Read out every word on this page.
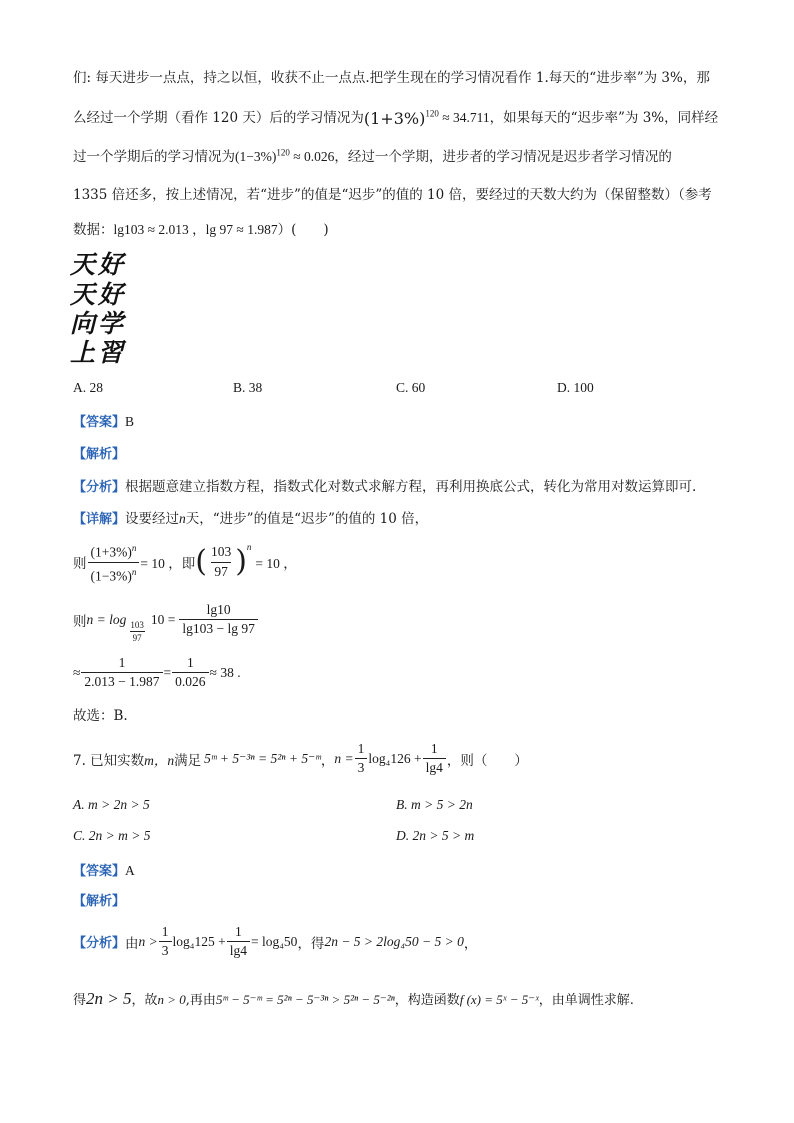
们: 每天进步一点点，持之以恒，收获不止一点点.把学生现在的学习情况看作 1.每天的“进步率”为 3%，那
么经过一个学期（看作 120 天）后的学习情况为$(1+3\%)^{120} \approx 34.711$，如果每天的“迟步率”为 3%，同样经
过一个学期后的学习情况为$(1-3\%)^{120} \approx 0.026$，经过一个学期，进步者的学习情况是迟步者学习情况的
1335 倍还多，按上述情况，若“进步”的值是“迟步”的值的 10 倍，要经过的天数大约为（保留整数）（参考
数据：lg103 ≈ 2.013 ，lg 97 ≈ 1.987）(　　)
天好
天好
向学
上習
A. 28	B. 38	C. 60	D. 100
【答案】B
【解析】
【分析】根据题意建立指数方程，指数式化对数式求解方程，再利用换底公式，转化为常用对数运算即可.
【详解】设要经过n天，“进步”的值是“迟步”的值的 10 倍，
则 $\frac{(1+3\%)^n}{(1-3\%)^n} = 10$ ，即 ( $\frac{103}{97} )^n$
= 10 ，
则 n = log
$\frac{103}{97}$
$10 = \frac{\lg 10}{\lg 103 - \lg 97}$
≈ $\frac{1}{2.013 - 1.987} = \frac{1}{0.026} \approx 38$ .
故选：B.
7. 已知实数 m，n 满足 5ᵐ + 5⁻³ⁿ = 5²ⁿ + 5⁻ᵐ ， $n = \frac{1}{3} \log_4126 + \frac{1}{\lg 4}$ ，则（　　）
A. m > 2n > 5	B. m > 5 > 2n
C. 2n > m > 5	D. 2n > 5 > m
【答案】A
【解析】
【分析】 由 $n > \frac{1}{3} \log_4125 + \frac{1}{\lg 4} = \log_450$ ，得 2n − 5 > 2log₄50 − 5 > 0 ，
得2n > 5，故n > 0,再由5ᵐ − 5⁻ᵐ = 5²ⁿ − 5⁻³ⁿ > 5²ⁿ − 5⁻²ⁿ，构造函数f (x) = 5ˣ − 5⁻ˣ，由单调性求解.
